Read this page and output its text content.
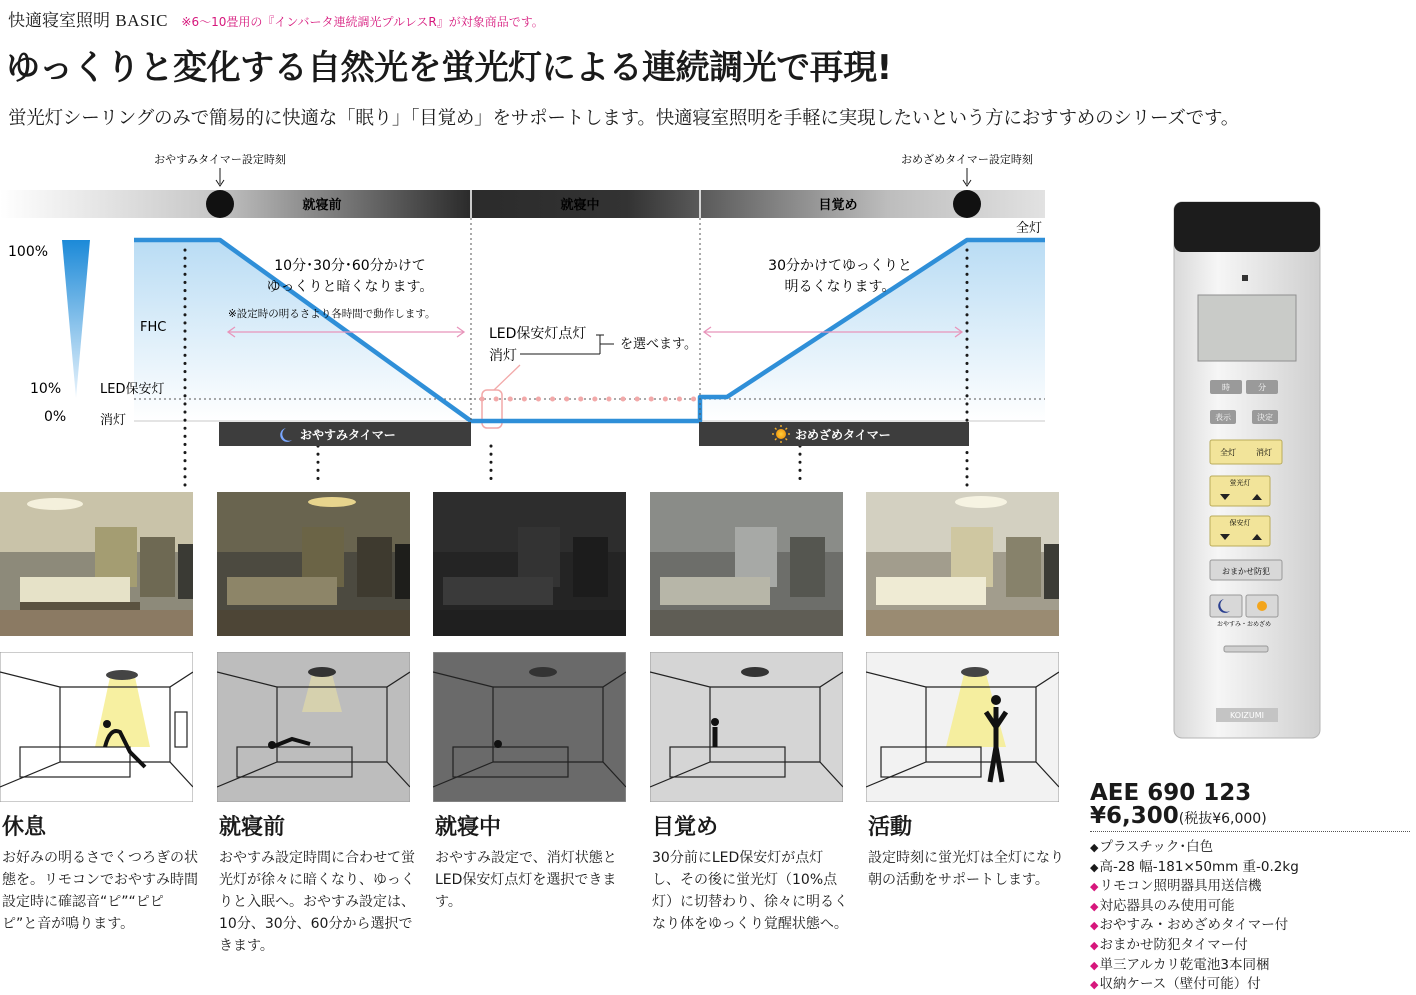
快適寝室照明 BASIC ※6〜10畳用の『インバータ連続調光プルレスR』が対象商品です。
ゆっくりと変化する自然光を蛍光灯による連続調光で再現!
蛍光灯シーリングのみで簡易的に快適な「眠り」「目覚め」をサポートします。快適寝室照明を手軽に実現したいという方におすすめのシリーズです。
就寝前	就寝中	目覚め
おやすみタイマー設定時刻	おめざめタイマー設定時刻
100%
10%
0%
FHC
LED保安灯
消灯
全灯
10分･30分･60分かけて
ゆっくりと暗くなります。
※設定時の明るさより各時間で動作します。
30分かけてゆっくりと
明るくなります。
LED保安灯点灯
消灯
を選べます。
おやすみタイマー	おめざめタイマー
休息
お好みの明るさでくつろぎの状態を。リモコンでおやすみ時間設定時に確認音“ピ”“ピピピ”と音が鳴ります。
就寝前
おやすみ設定時間に合わせて蛍光灯が徐々に暗くなり、ゆっくりと入眠へ。おやすみ設定は、10分、30分、60分から選択できます。
就寝中
おやすみ設定で、消灯状態とLED保安灯点灯を選択できます。
目覚め
30分前にLED保安灯が点灯し、その後に蛍光灯（10%点灯）に切替わり、徐々に明るくなり体をゆっくり覚醒状態へ。
活動
設定時刻に蛍光灯は全灯になり朝の活動をサポートします。
時	分
表示	決定
全灯	消灯
蛍光灯
保安灯
おまかせ防犯
おやすみ・おめざめ
KOIZUMI
AEE 690 123
¥6,300(税抜¥6,000)
◆プラスチック･白色
◆高-28 幅-181×50mm 重-0.2kg
◆リモコン照明器具用送信機
◆対応器具のみ使用可能
◆おやすみ・おめざめタイマー付
◆おまかせ防犯タイマー付
◆単三アルカリ乾電池3本同梱
◆収納ケース（壁付可能）付
